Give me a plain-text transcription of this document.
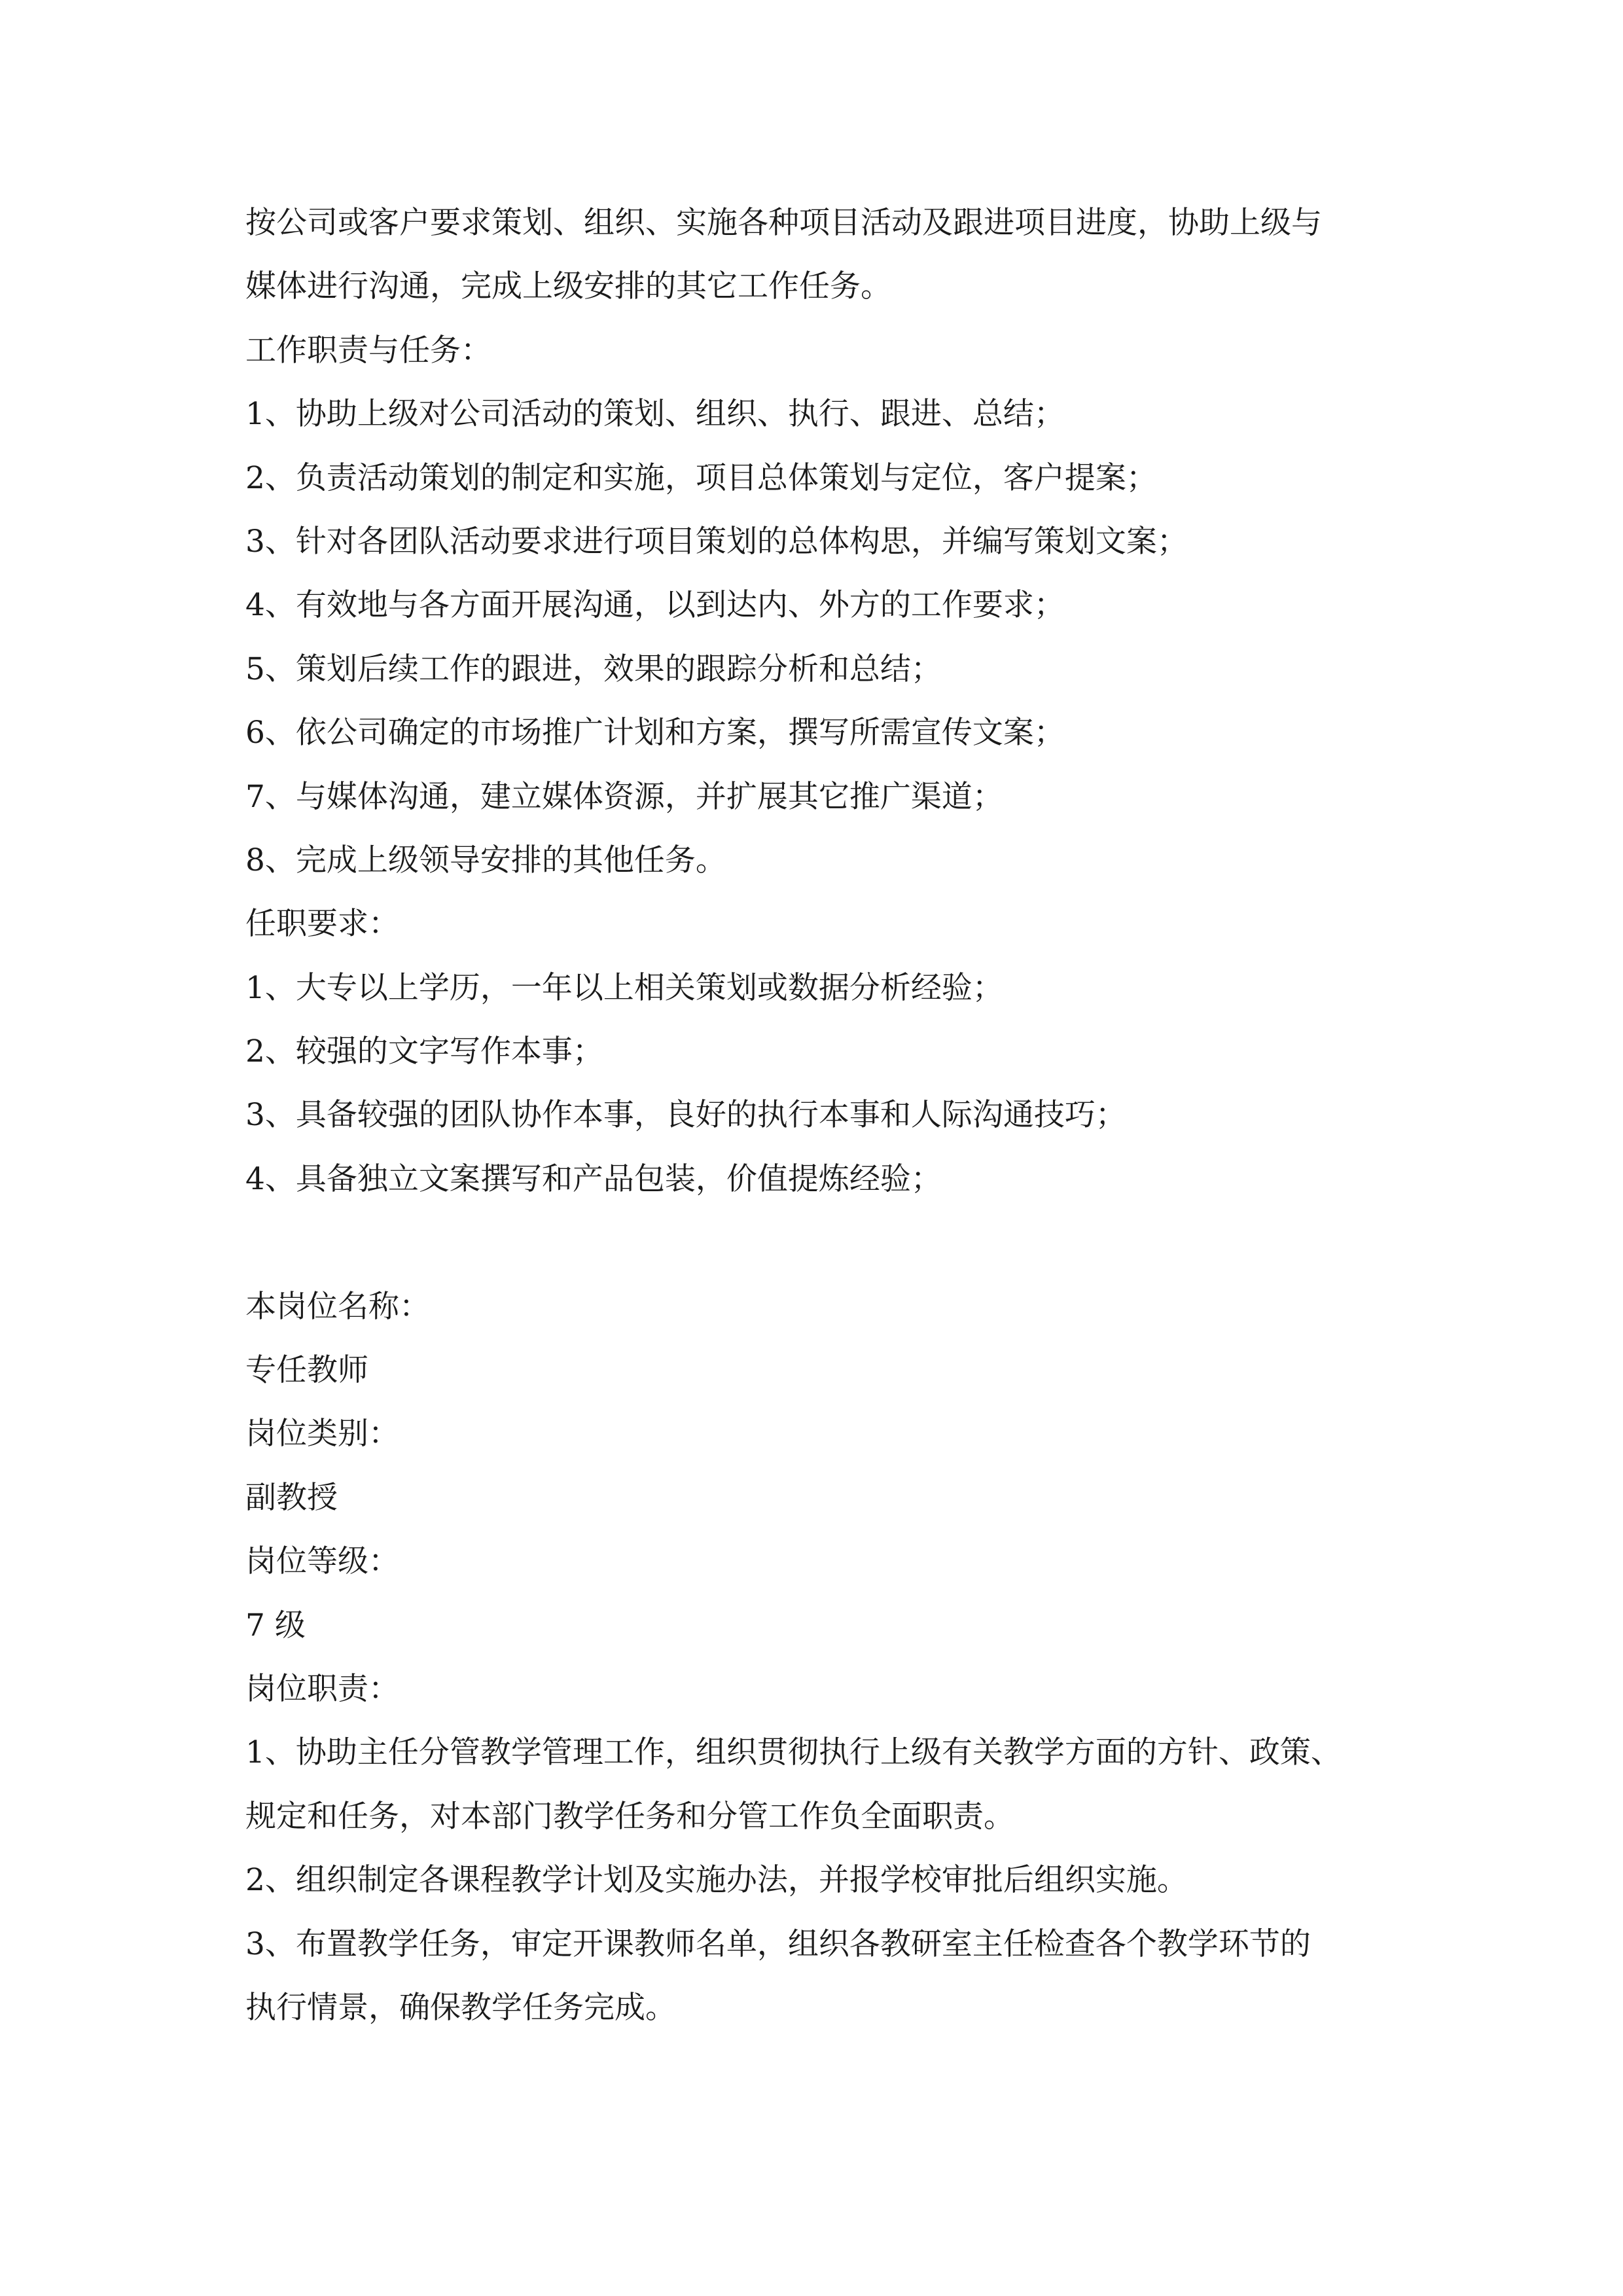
按公司或客户要求策划、组织、实施各种项目活动及跟进项目进度，协助上级与
媒体进行沟通，完成上级安排的其它工作任务。
工作职责与任务：
1、协助上级对公司活动的策划、组织、执行、跟进、总结；
2、负责活动策划的制定和实施，项目总体策划与定位，客户提案；
3、针对各团队活动要求进行项目策划的总体构思，并编写策划文案；
4、有效地与各方面开展沟通，以到达内、外方的工作要求；
5、策划后续工作的跟进，效果的跟踪分析和总结；
6、依公司确定的市场推广计划和方案，撰写所需宣传文案；
7、与媒体沟通，建立媒体资源，并扩展其它推广渠道；
8、完成上级领导安排的其他任务。
任职要求：
1、大专以上学历，一年以上相关策划或数据分析经验；
2、较强的文字写作本事；
3、具备较强的团队协作本事，良好的执行本事和人际沟通技巧；
4、具备独立文案撰写和产品包装，价值提炼经验；
本岗位名称：
专任教师
岗位类别：
副教授
岗位等级：
7 级
岗位职责：
1、协助主任分管教学管理工作，组织贯彻执行上级有关教学方面的方针、政策、
规定和任务，对本部门教学任务和分管工作负全面职责。
2、组织制定各课程教学计划及实施办法，并报学校审批后组织实施。
3、布置教学任务，审定开课教师名单，组织各教研室主任检查各个教学环节的
执行情景，确保教学任务完成。
